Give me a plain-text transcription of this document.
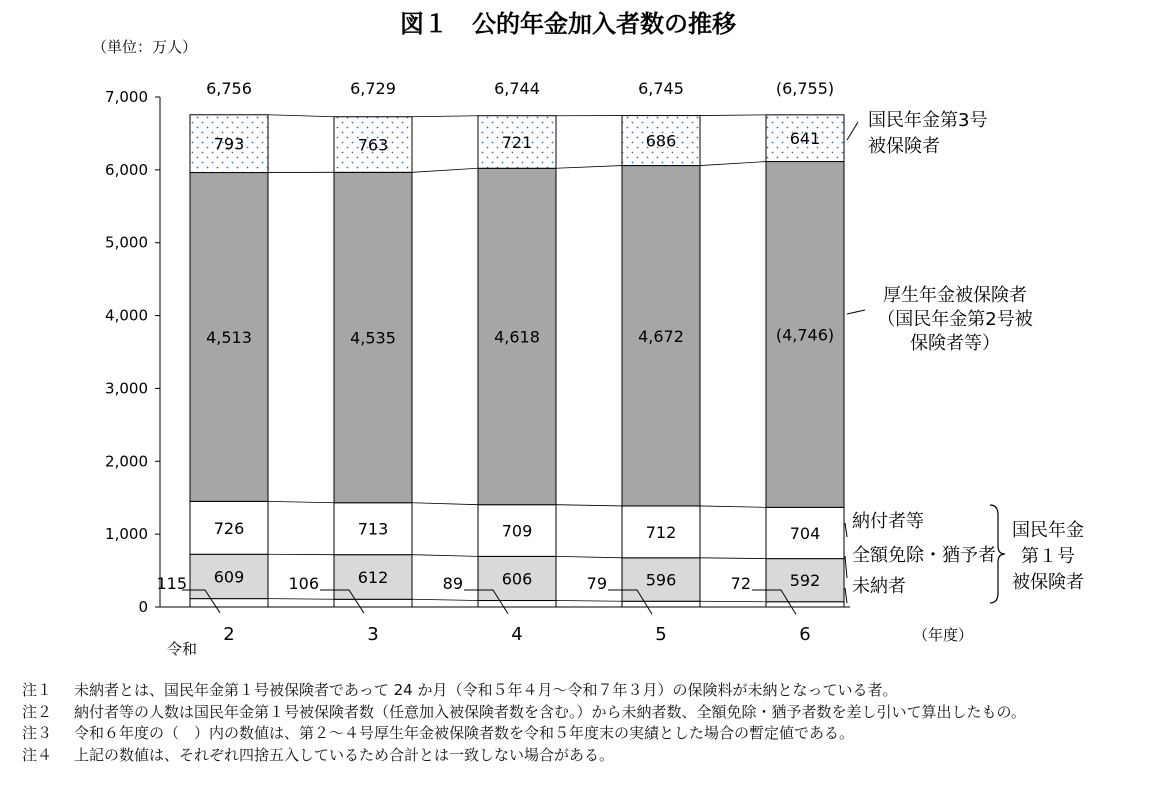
図１　公的年金加入者数の推移
（単位：万人）
0
1,000
2,000
3,000
4,000
5,000
6,000
7,000
115 609
726
4,513
793
6,756
2
106 612
713
4,535
763
6,729
3
89 606
709
4,618
721
6,744
4
79 596
712
4,672
686
6,745
5
72 592
704
(4,746)
641
(6,755)
6
国民年金第3号
被保険者
厚生年金被保険者
（国民年金第2号被
保険者等）
納付者等
全額免除・猶予者
未納者
国民年金
第１号
被保険者
令和
（年度）
注１	未納者とは、国民年金第１号被保険者であって 24 か月（令和５年４月～令和７年３月）の保険料が未納となっている者。
注２	納付者等の人数は国民年金第１号被保険者数（任意加入被保険者数を含む。）から未納者数、全額免除・猶予者数を差し引いて算出したもの。
注３	令和６年度の（　）内の数値は、第２～４号厚生年金被保険者数を令和５年度末の実績とした場合の暫定値である。
注４	上記の数値は、それぞれ四捨五入しているため合計とは一致しない場合がある。
